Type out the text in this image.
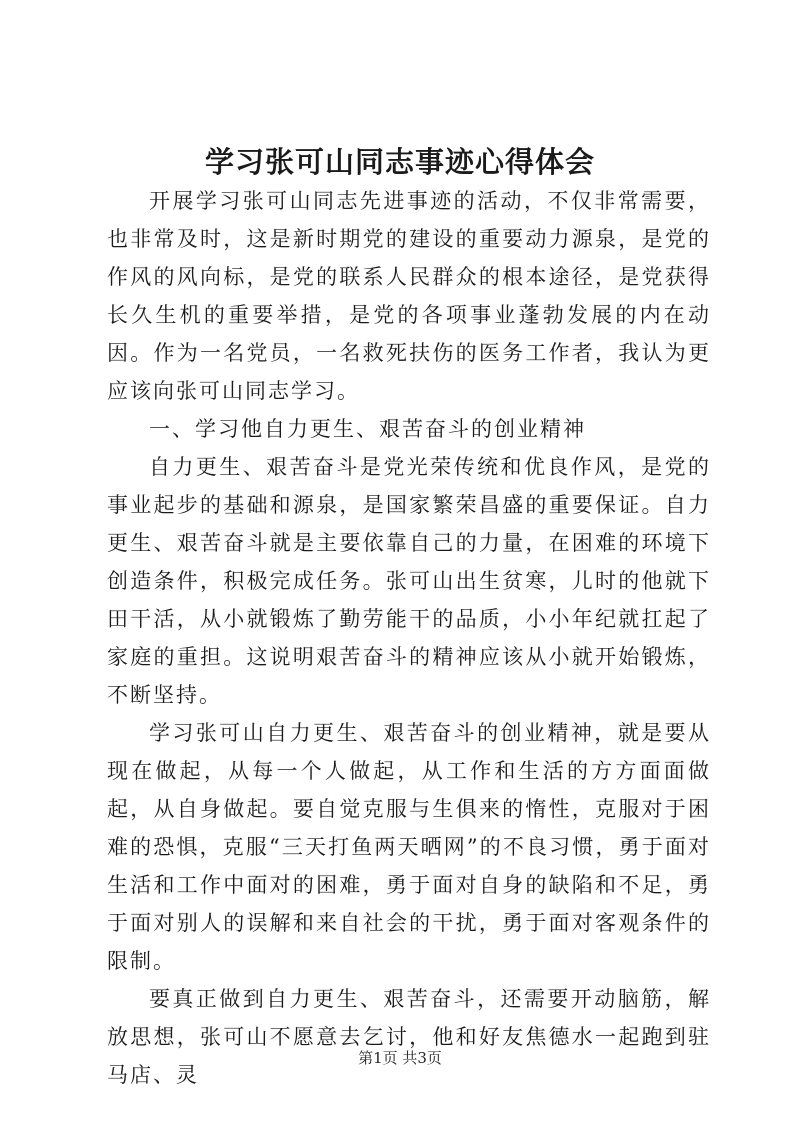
学习张可山同志事迹心得体会

开展学习张可山同志先进事迹的活动，不仅非常需要，也非常及时，这是新时期党的建设的重要动力源泉，是党的作风的风向标，是党的联系人民群众的根本途径，是党获得长久生机的重要举措，是党的各项事业蓬勃发展的内在动因。作为一名党员，一名救死扶伤的医务工作者，我认为更应该向张可山同志学习。

一、学习他自力更生、艰苦奋斗的创业精神

自力更生、艰苦奋斗是党光荣传统和优良作风，是党的事业起步的基础和源泉，是国家繁荣昌盛的重要保证。自力更生、艰苦奋斗就是主要依靠自己的力量，在困难的环境下创造条件，积极完成任务。张可山出生贫寒，儿时的他就下田干活，从小就锻炼了勤劳能干的品质，小小年纪就扛起了家庭的重担。这说明艰苦奋斗的精神应该从小就开始锻炼，不断坚持。

学习张可山自力更生、艰苦奋斗的创业精神，就是要从现在做起，从每一个人做起，从工作和生活的方方面面做起，从自身做起。要自觉克服与生俱来的惰性，克服对于困难的恐惧，克服“三天打鱼两天晒网”的不良习惯，勇于面对生活和工作中面对的困难，勇于面对自身的缺陷和不足，勇于面对别人的误解和来自社会的干扰，勇于面对客观条件的限制。

要真正做到自力更生、艰苦奋斗，还需要开动脑筋，解放思想，张可山不愿意去乞讨，他和好友焦德水一起跑到驻马店、灵

第1页 共3页
